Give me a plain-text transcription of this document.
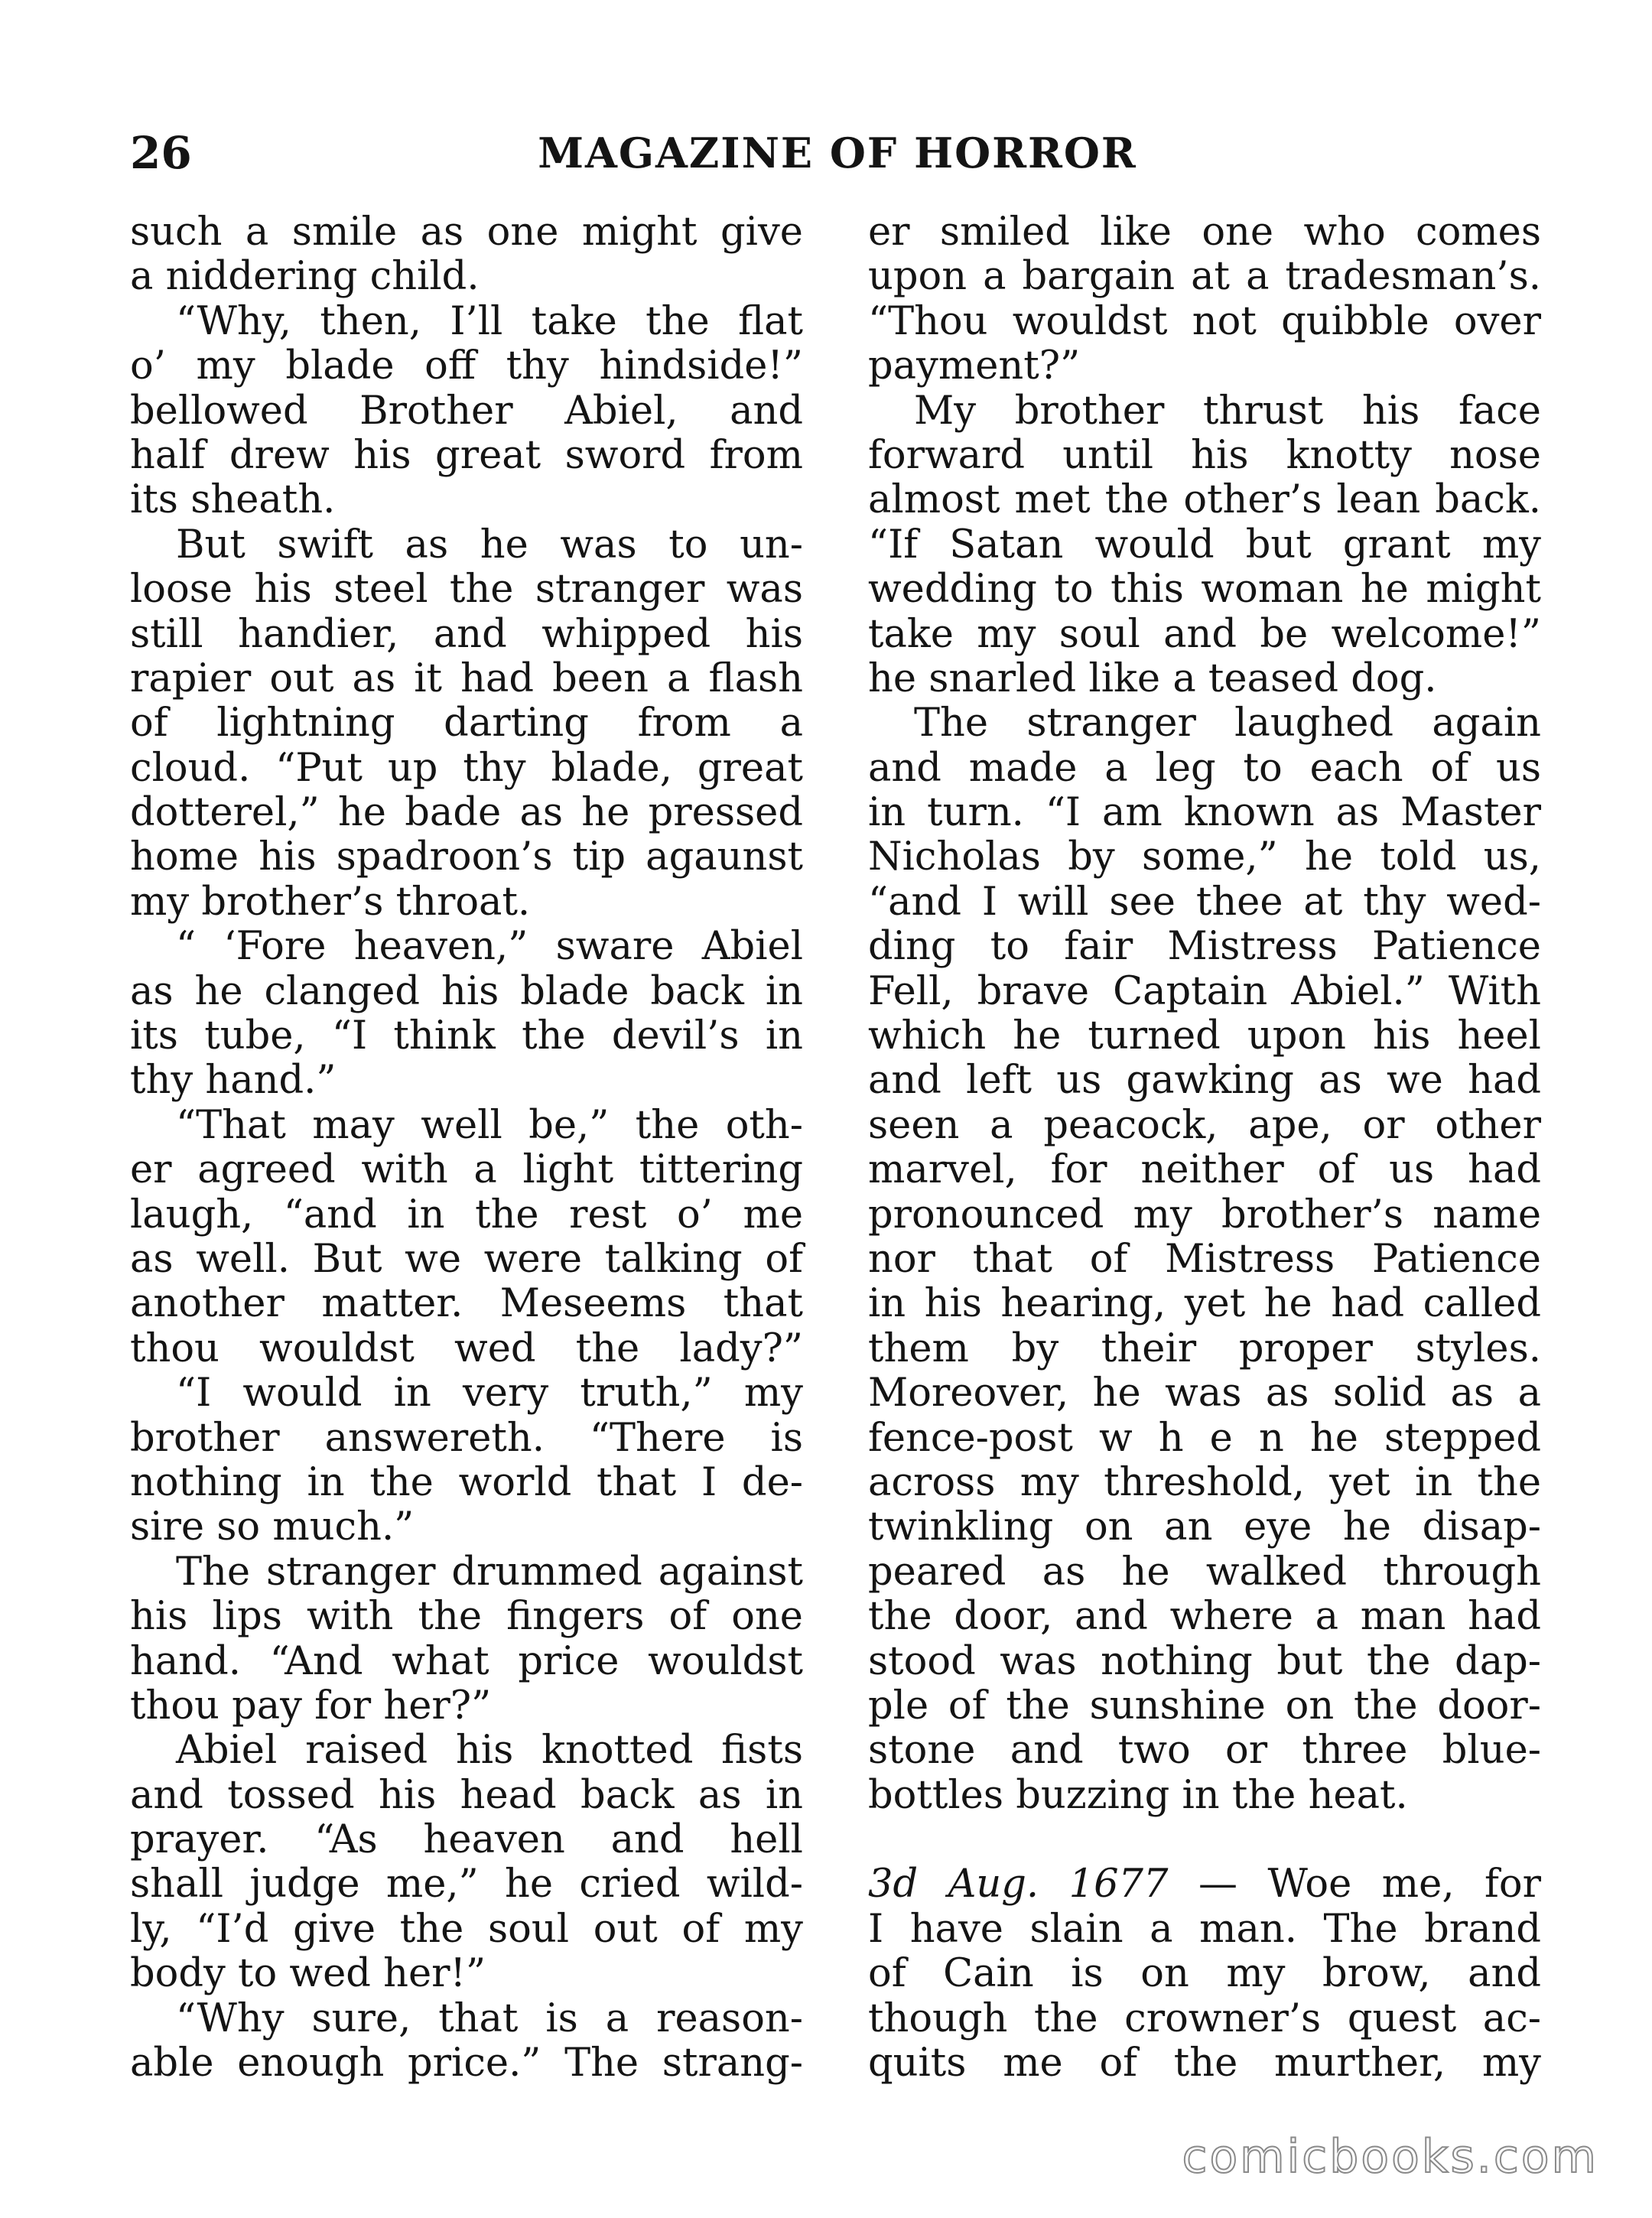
26	MAGAZINE OF HORROR
such a smile as one might give
a niddering child.
“Why, then, I’ll take the flat
o’ my blade off thy hindside!”
bellowed Brother Abiel, and
half drew his great sword from
its sheath.
But swift as he was to un-
loose his steel the stranger was
still handier, and whipped his
rapier out as it had been a flash
of lightning darting from a
cloud. “Put up thy blade, great
dotterel,” he bade as he pressed
home his spadroon’s tip agaunst
my brother’s throat.
“ ‘Fore heaven,” sware Abiel
as he clanged his blade back in
its tube, “I think the devil’s in
thy hand.”
“That may well be,” the oth-
er agreed with a light tittering
laugh, “and in the rest o’ me
as well. But we were talking of
another matter. Meseems that
thou wouldst wed the lady?”
“I would in very truth,” my
brother answereth. “There is
nothing in the world that I de-
sire so much.”
The stranger drummed against
his lips with the fingers of one
hand. “And what price wouldst
thou pay for her?”
Abiel raised his knotted fists
and tossed his head back as in
prayer. “As heaven and hell
shall judge me,” he cried wild-
ly, “I’d give the soul out of my
body to wed her!”
“Why sure, that is a reason-
able enough price.” The strang-
er smiled like one who comes
upon a bargain at a tradesman’s.
“Thou wouldst not quibble over
payment?”
My brother thrust his face
forward until his knotty nose
almost met the other’s lean back.
“If Satan would but grant my
wedding to this woman he might
take my soul and be welcome!”
he snarled like a teased dog.
The stranger laughed again
and made a leg to each of us
in turn. “I am known as Master
Nicholas by some,” he told us,
“and I will see thee at thy wed-
ding to fair Mistress Patience
Fell, brave Captain Abiel.” With
which he turned upon his heel
and left us gawking as we had
seen a peacock, ape, or other
marvel, for neither of us had
pronounced my brother’s name
nor that of Mistress Patience
in his hearing, yet he had called
them by their proper styles.
Moreover, he was as solid as a
fence-post w h e n he stepped
across my threshold, yet in the
twinkling on an eye he disap-
peared as he walked through
the door, and where a man had
stood was nothing but the dap-
ple of the sunshine on the door-
stone and two or three blue-
bottles buzzing in the heat.
3d Aug. 1677 — Woe me, for
I have slain a man. The brand
of Cain is on my brow, and
though the crowner’s quest ac-
quits me of the murther, my
comicbooks.com
